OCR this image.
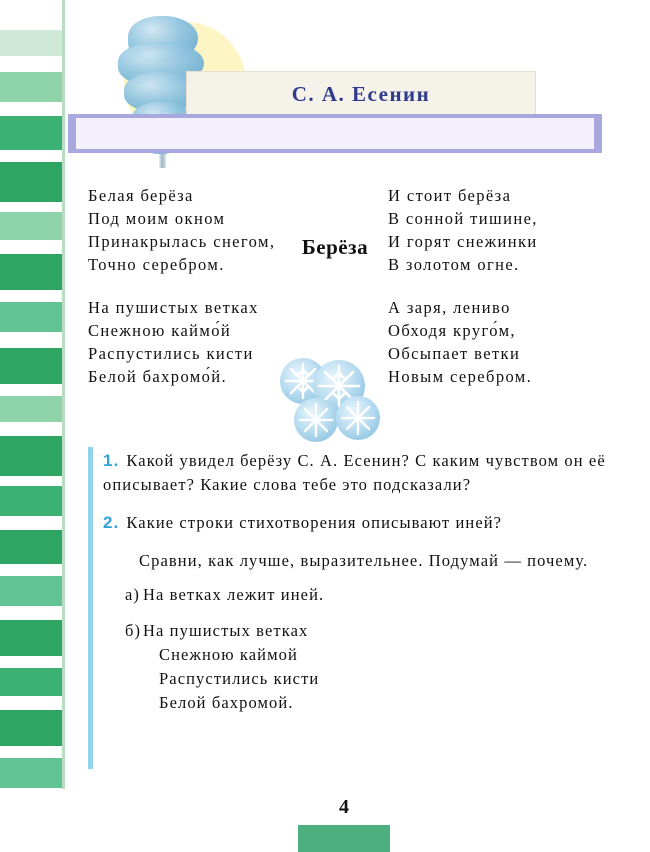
С. А. Есенин
Берёза
Белая берёза
Под моим окном
Принакрылась снегом,
Точно серебром.
На пушистых ветках
Снежною каймо́й
Распустились кисти
Белой бахромо́й.
И стоит берёза
В сонной тишине,
И горят снежинки
В золотом огне.
А заря, лениво
Обходя круго́м,
Обсыпает ветки
Новым серебром.
1. Какой увидел берёзу С. А. Есенин? С каким чувством он её описывает? Какие слова тебе это подсказали?
2. Какие строки стихотворения описывают иней?
Сравни, как лучше, выразительнее. Подумай — почему.
а) На ветках лежит иней.
б) На пушистых ветках
Снежною каймой
Распустились кисти
Белой бахромой.
4
